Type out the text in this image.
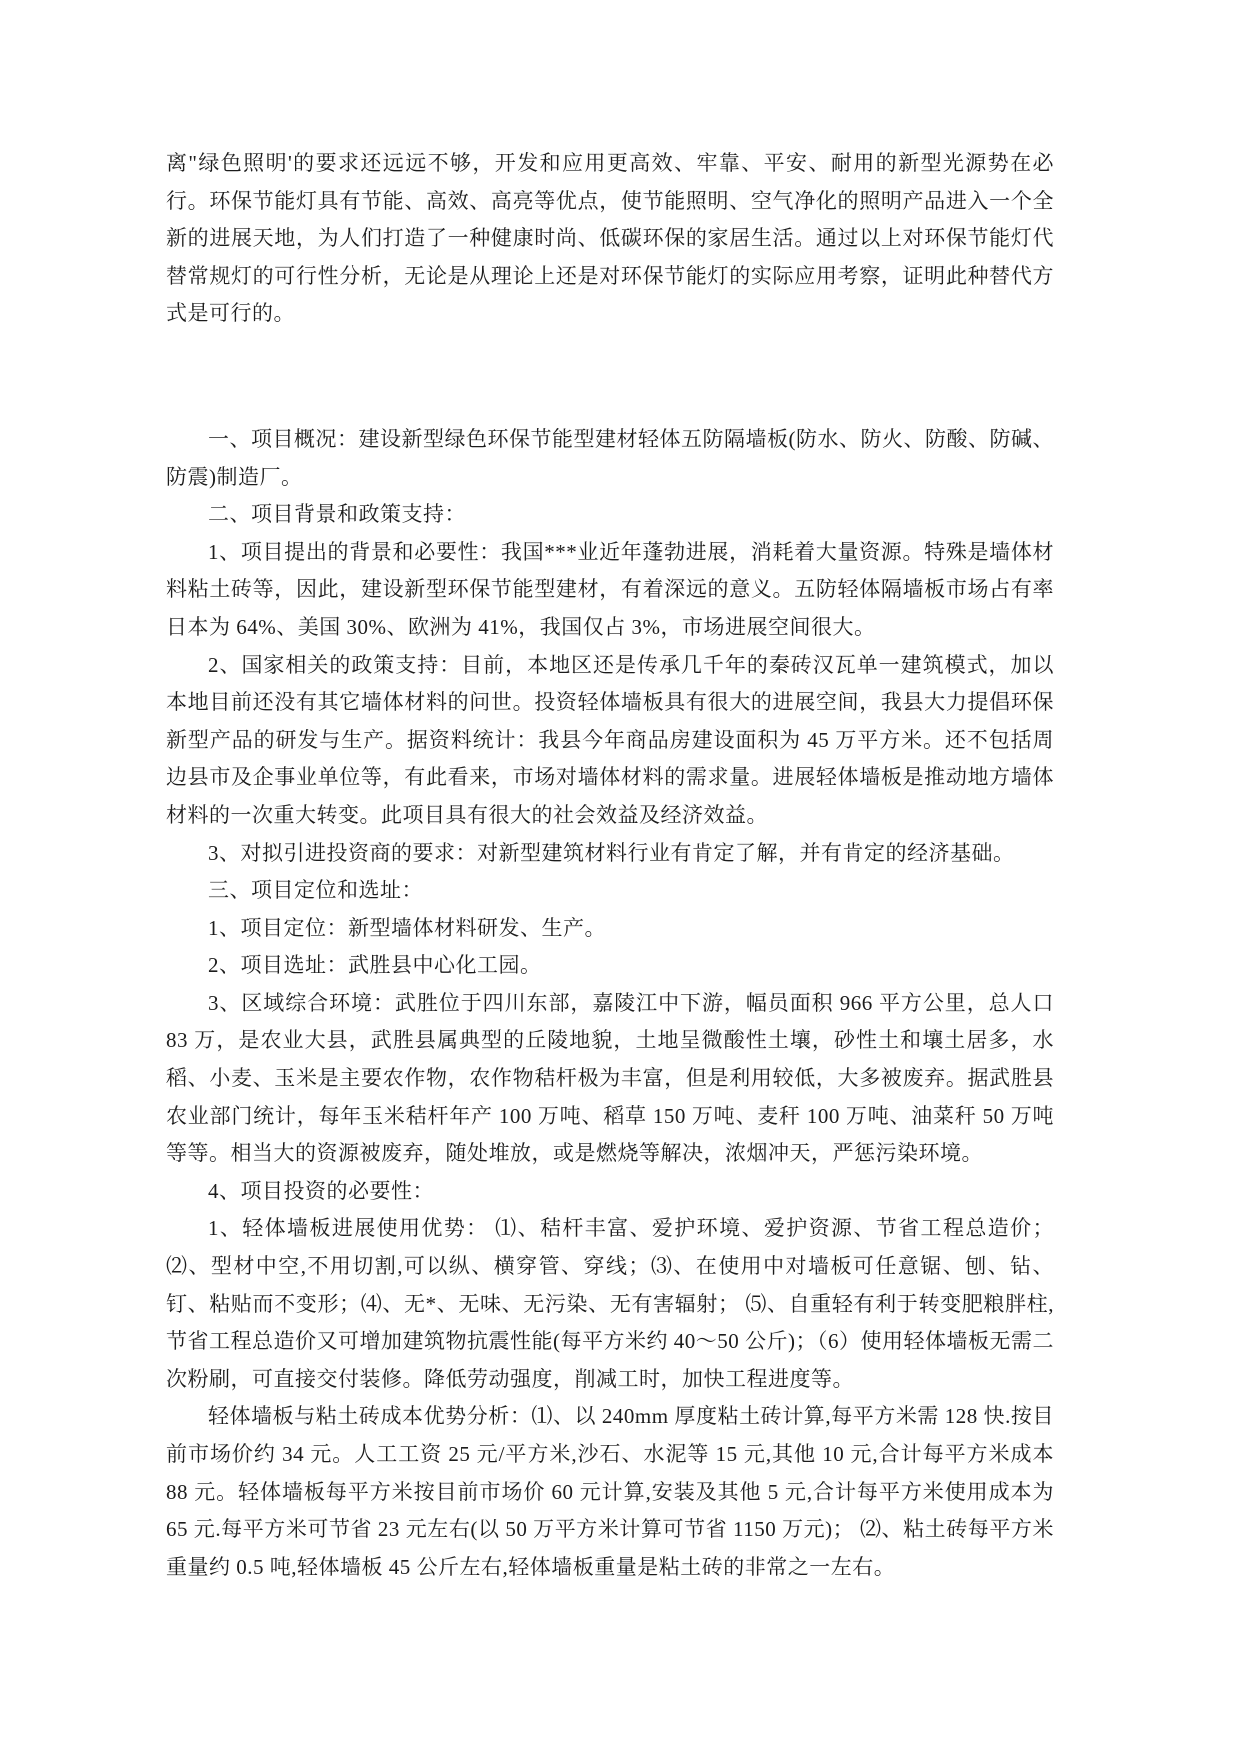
离"绿色照明'的要求还远远不够，开发和应用更高效、牢靠、平安、耐用的新型光源势在必行。环保节能灯具有节能、高效、高亮等优点，使节能照明、空气净化的照明产品进入一个全新的进展天地，为人们打造了一种健康时尚、低碳环保的家居生活。通过以上对环保节能灯代替常规灯的可行性分析，无论是从理论上还是对环保节能灯的实际应用考察，证明此种替代方式是可行的。

一、项目概况：建设新型绿色环保节能型建材轻体五防隔墙板(防水、防火、防酸、防碱、防震)制造厂。

二、项目背景和政策支持：

1、项目提出的背景和必要性：我国***业近年蓬勃进展，消耗着大量资源。特殊是墙体材料粘土砖等，因此，建设新型环保节能型建材，有着深远的意义。五防轻体隔墙板市场占有率日本为 64%、美国 30%、欧洲为 41%，我国仅占 3%，市场进展空间很大。

2、国家相关的政策支持：目前，本地区还是传承几千年的秦砖汉瓦单一建筑模式，加以本地目前还没有其它墙体材料的问世。投资轻体墙板具有很大的进展空间，我县大力提倡环保新型产品的研发与生产。据资料统计：我县今年商品房建设面积为 45 万平方米。还不包括周边县市及企事业单位等，有此看来，市场对墙体材料的需求量。进展轻体墙板是推动地方墙体材料的一次重大转变。此项目具有很大的社会效益及经济效益。

3、对拟引进投资商的要求：对新型建筑材料行业有肯定了解，并有肯定的经济基础。

三、项目定位和选址：

1、项目定位：新型墙体材料研发、生产。

2、项目选址：武胜县中心化工园。

3、区域综合环境：武胜位于四川东部，嘉陵江中下游，幅员面积 966 平方公里，总人口 83 万，是农业大县，武胜县属典型的丘陵地貌，土地呈微酸性土壤，砂性土和壤土居多，水稻、小麦、玉米是主要农作物，农作物秸杆极为丰富，但是利用较低，大多被废弃。据武胜县农业部门统计，每年玉米秸杆年产 100 万吨、稻草 150 万吨、麦秆 100 万吨、油菜秆 50 万吨等等。相当大的资源被废弃，随处堆放，或是燃烧等解决，浓烟冲天，严惩污染环境。

4、项目投资的必要性：

1、轻体墙板进展使用优势： ⑴、秸杆丰富、爱护环境、爱护资源、节省工程总造价；⑵、型材中空,不用切割,可以纵、横穿管、穿线；⑶、在使用中对墙板可任意锯、刨、钻、钉、粘贴而不变形；⑷、无*、无味、无污染、无有害辐射； ⑸、自重轻有利于转变肥粮胖柱,节省工程总造价又可增加建筑物抗震性能(每平方米约 40～50 公斤)；（6）使用轻体墙板无需二次粉刷，可直接交付装修。降低劳动强度，削减工时，加快工程进度等。

轻体墙板与粘土砖成本优势分析：⑴、以 240mm 厚度粘土砖计算,每平方米需 128 快.按目前市场价约 34 元。人工工资 25 元/平方米,沙石、水泥等 15 元,其他 10 元,合计每平方米成本 88 元。轻体墙板每平方米按目前市场价 60 元计算,安装及其他 5 元,合计每平方米使用成本为 65 元.每平方米可节省 23 元左右(以 50 万平方米计算可节省 1150 万元)； ⑵、粘土砖每平方米重量约 0.5 吨,轻体墙板 45 公斤左右,轻体墙板重量是粘土砖的非常之一左右。
